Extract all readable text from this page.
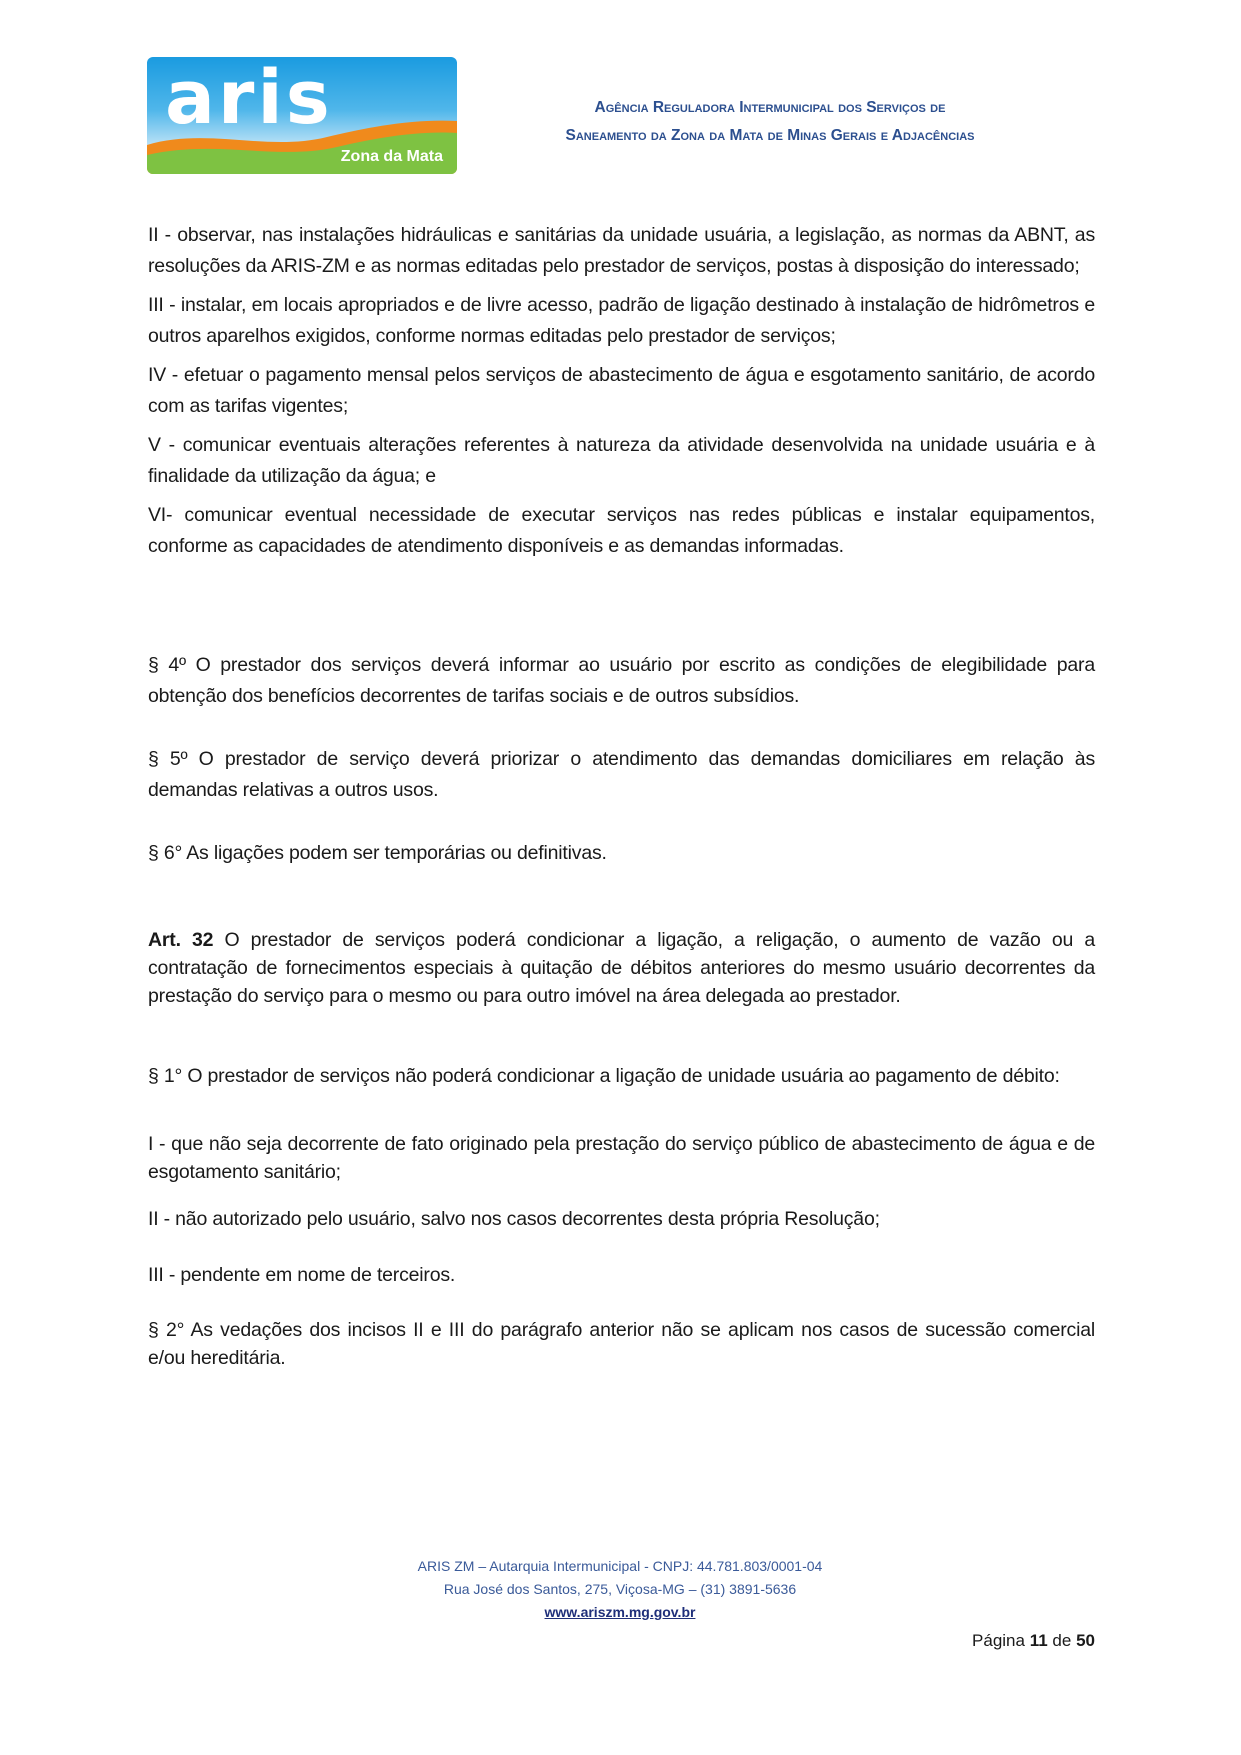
aris
Zona da Mata
Agência Reguladora Intermunicipal dos Serviços de
Saneamento da Zona da Mata de Minas Gerais e Adjacências

II - observar, nas instalações hidráulicas e sanitárias da unidade usuária, a legislação, as normas da ABNT, as resoluções da ARIS-ZM e as normas editadas pelo prestador de serviços, postas à disposição do interessado;

III - instalar, em locais apropriados e de livre acesso, padrão de ligação destinado à instalação de hidrômetros e outros aparelhos exigidos, conforme normas editadas pelo prestador de serviços;

IV - efetuar o pagamento mensal pelos serviços de abastecimento de água e esgotamento sanitário, de acordo com as tarifas vigentes;

V - comunicar eventuais alterações referentes à natureza da atividade desenvolvida na unidade usuária e à finalidade da utilização da água; e

VI- comunicar eventual necessidade de executar serviços nas redes públicas e instalar equipamentos, conforme as capacidades de atendimento disponíveis e as demandas informadas.

§ 4º O prestador dos serviços deverá informar ao usuário por escrito as condições de elegibilidade para obtenção dos benefícios decorrentes de tarifas sociais e de outros subsídios.
§ 5º O prestador de serviço deverá priorizar o atendimento das demandas domiciliares em relação às demandas relativas a outros usos.
§ 6° As ligações podem ser temporárias ou definitivas.
Art. 32 O prestador de serviços poderá condicionar a ligação, a religação, o aumento de vazão ou a contratação de fornecimentos especiais à quitação de débitos anteriores do mesmo usuário decorrentes da prestação do serviço para o mesmo ou para outro imóvel na área delegada ao prestador.
§ 1° O prestador de serviços não poderá condicionar a ligação de unidade usuária ao pagamento de débito:
I - que não seja decorrente de fato originado pela prestação do serviço público de abastecimento de água e de esgotamento sanitário;
II - não autorizado pelo usuário, salvo nos casos decorrentes desta própria Resolução;
III - pendente em nome de terceiros.
§ 2° As vedações dos incisos II e III do parágrafo anterior não se aplicam nos casos de sucessão comercial e/ou hereditária.
ARIS ZM – Autarquia Intermunicipal - CNPJ: 44.781.803/0001-04
Rua José dos Santos, 275, Viçosa-MG – (31) 3891-5636
www.ariszm.mg.gov.br
Página 11 de 50
